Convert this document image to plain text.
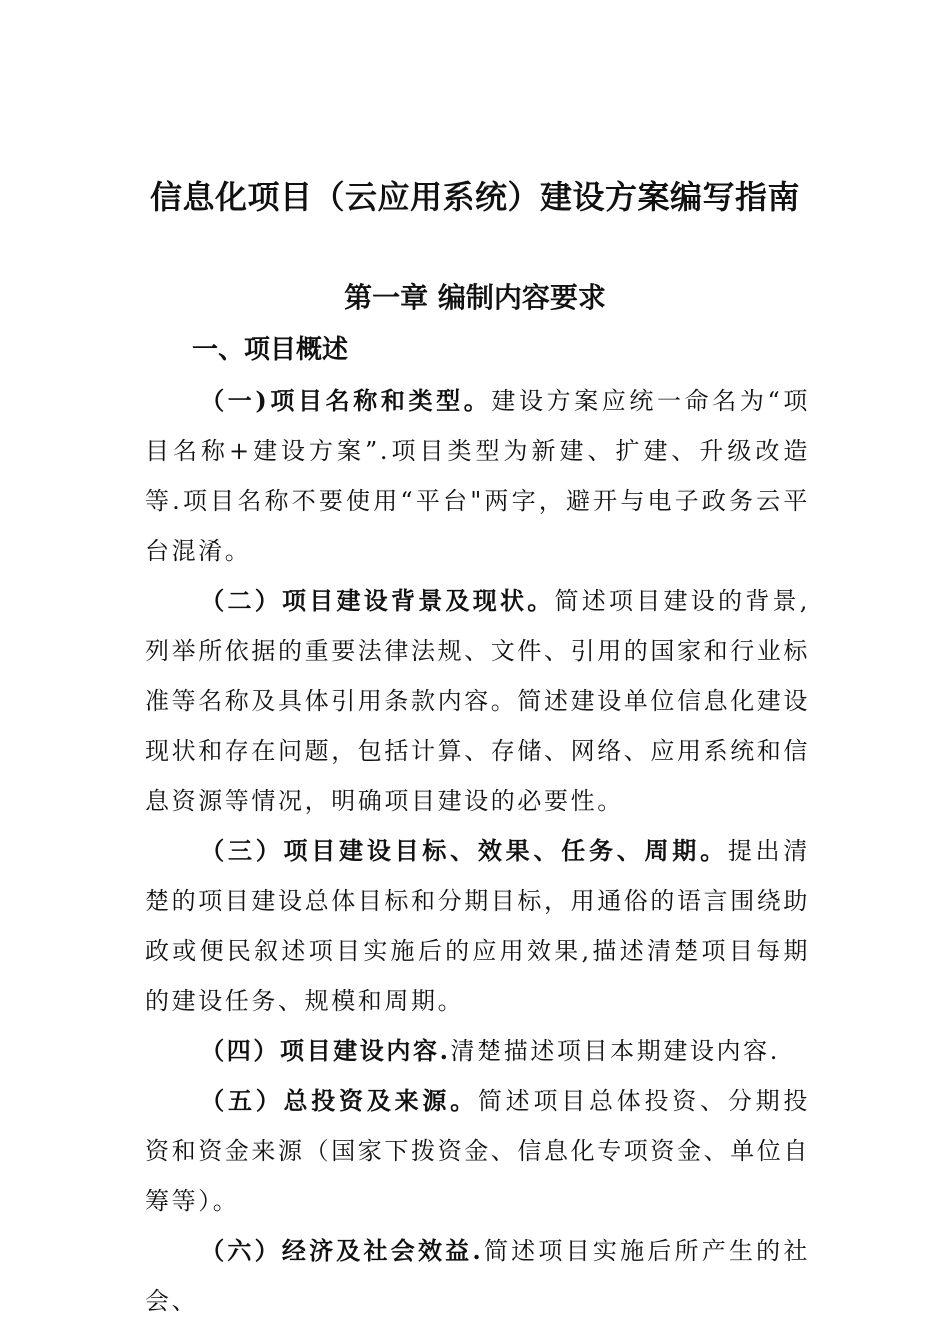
信息化项目（云应用系统）建设方案编写指南
第一章 编制内容要求
一、项目概述

（一)项目名称和类型。建设方案应统一命名为“项目名称+建设方案”.项目类型为新建、扩建、升级改造等.项目名称不要使用“平台"两字，避开与电子政务云平台混淆。

（二）项目建设背景及现状。简述项目建设的背景,列举所依据的重要法律法规、文件、引用的国家和行业标准等名称及具体引用条款内容。简述建设单位信息化建设现状和存在问题，包括计算、存储、网络、应用系统和信息资源等情况，明确项目建设的必要性。

（三）项目建设目标、效果、任务、周期。提出清楚的项目建设总体目标和分期目标，用通俗的语言围绕助政或便民叙述项目实施后的应用效果,描述清楚项目每期的建设任务、规模和周期。

（四）项目建设内容.清楚描述项目本期建设内容.

（五）总投资及来源。简述项目总体投资、分期投资和资金来源（国家下拨资金、信息化专项资金、单位自筹等）。

（六）经济及社会效益.简述项目实施后所产生的社会、
